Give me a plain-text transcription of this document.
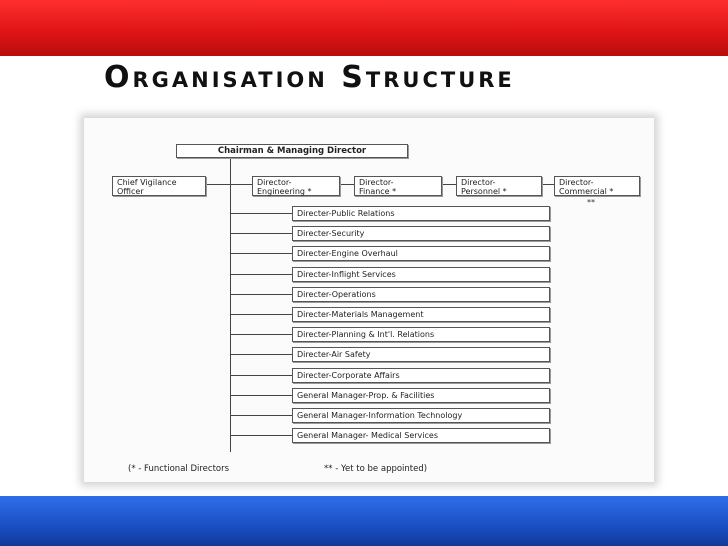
Organisation Structure
Chairman & Managing Director
Chief Vigilance
Officer
Director-
Engineering *
Director-
Finance *
Director-
Personnel *
Director-
Commercial *
**
Directer-Public Relations
Directer-Security
Directer-Engine Overhaul
Directer-Inflight Services
Directer-Operations
Directer-Materials Management
Directer-Planning & Int'l. Relations
Directer-Air Safety
Directer-Corporate Affairs
General Manager-Prop. & Facilities
General Manager-Information Technology
General Manager- Medical Services
(* - Functional Directors	** - Yet to be appointed)
